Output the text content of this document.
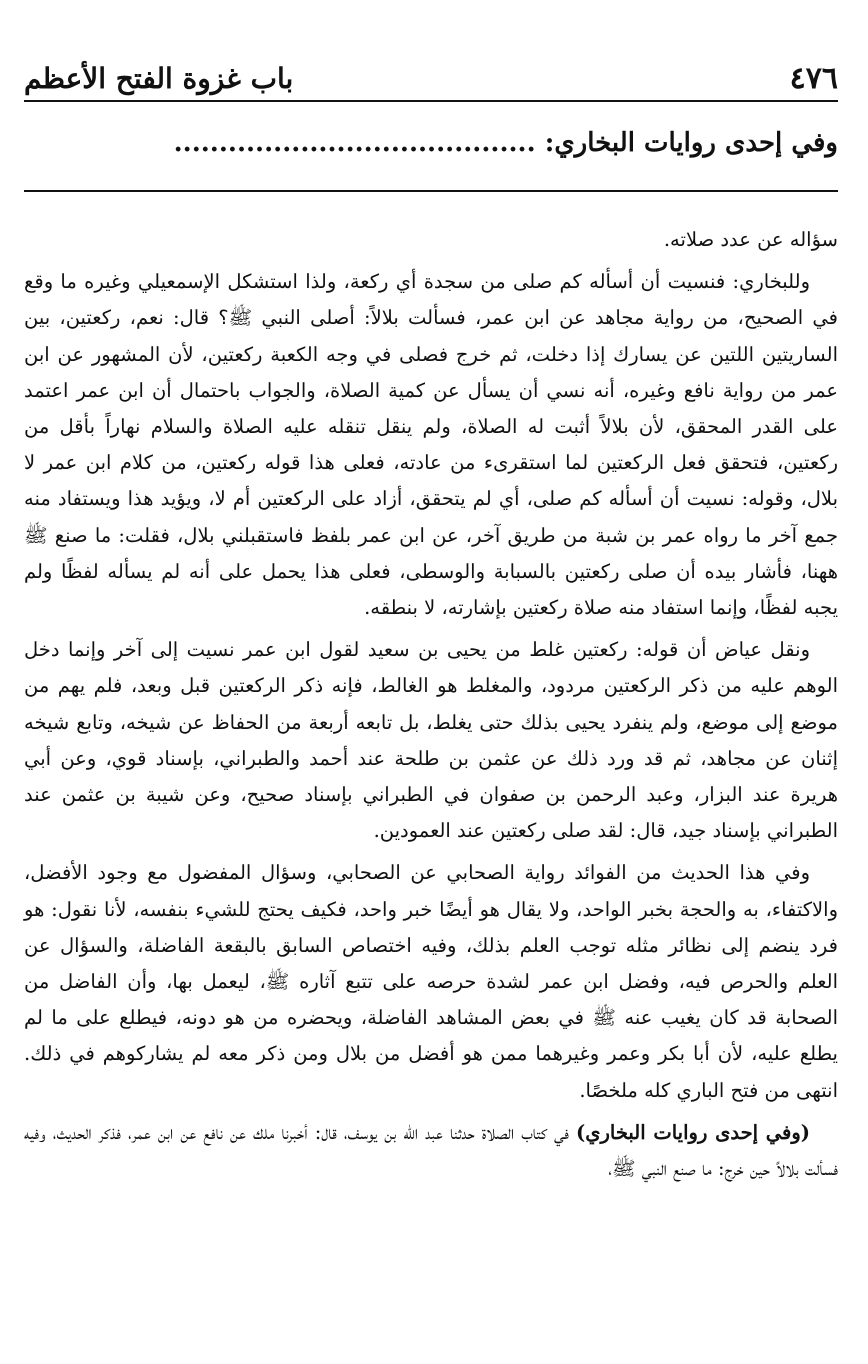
٤٧٦
باب غزوة الفتح الأعظم
وفي إحدى روايات البخاري: ........................................

سؤاله عن عدد صلاته.

وللبخاري: فنسيت أن أسأله كم صلى من سجدة أي ركعة، ولذا استشكل الإسمعيلي وغيره ما وقع في الصحيح، من رواية مجاهد عن ابن عمر، فسألت بلالاً: أصلى النبي ﷺ؟ قال: نعم، ركعتين، بين الساريتين اللتين عن يسارك إذا دخلت، ثم خرج فصلى في وجه الكعبة ركعتين، لأن المشهور عن ابن عمر من رواية نافع وغيره، أنه نسي أن يسأل عن كمية الصلاة، والجواب باحتمال أن ابن عمر اعتمد على القدر المحقق، لأن بلالاً أثبت له الصلاة، ولم ينقل تنقله عليه الصلاة والسلام نهاراً بأقل من ركعتين، فتحقق فعل الركعتين لما استقرىء من عادته، فعلى هذا قوله ركعتين، من كلام ابن عمر لا بلال، وقوله: نسيت أن أسأله كم صلى، أي لم يتحقق، أزاد على الركعتين أم لا، ويؤيد هذا ويستفاد منه جمع آخر ما رواه عمر بن شبة من طريق آخر، عن ابن عمر بلفظ فاستقبلني بلال، فقلت: ما صنع ﷺ ههنا، فأشار بيده أن صلى ركعتين بالسبابة والوسطى، فعلى هذا يحمل على أنه لم يسأله لفظًا ولم يجبه لفظًا، وإنما استفاد منه صلاة ركعتين بإشارته، لا بنطقه.

ونقل عياض أن قوله: ركعتين غلط من يحيى بن سعيد لقول ابن عمر نسيت إلى آخر وإنما دخل الوهم عليه من ذكر الركعتين مردود، والمغلط هو الغالط، فإنه ذكر الركعتين قبل وبعد، فلم يهم من موضع إلى موضع، ولم ينفرد يحيى بذلك حتى يغلط، بل تابعه أربعة من الحفاظ عن شيخه، وتابع شيخه إثنان عن مجاهد، ثم قد ورد ذلك عن عثمن بن طلحة عند أحمد والطبراني، بإسناد قوي، وعن أبي هريرة عند البزار، وعبد الرحمن بن صفوان في الطبراني بإسناد صحيح، وعن شيبة بن عثمن عند الطبراني بإسناد جيد، قال: لقد صلى ركعتين عند العمودين.

وفي هذا الحديث من الفوائد رواية الصحابي عن الصحابي، وسؤال المفضول مع وجود الأفضل، والاكتفاء، به والحجة بخبر الواحد، ولا يقال هو أيضًا خبر واحد، فكيف يحتج للشيء بنفسه، لأنا نقول: هو فرد ينضم إلى نظائر مثله توجب العلم بذلك، وفيه اختصاص السابق بالبقعة الفاضلة، والسؤال عن العلم والحرص فيه، وفضل ابن عمر لشدة حرصه على تتبع آثاره ﷺ، ليعمل بها، وأن الفاضل من الصحابة قد كان يغيب عنه ﷺ في بعض المشاهد الفاضلة، ويحضره من هو دونه، فيطلع على ما لم يطلع عليه، لأن أبا بكر وعمر وغيرهما ممن هو أفضل من بلال ومن ذكر معه لم يشاركوهم في ذلك. انتهى من فتح الباري كله ملخصًا.

(وفي إحدى روايات البخاري) في كتاب الصلاة حدثنا عبد الله بن يوسف، قال: أخبرنا ملك عن نافع عن ابن عمر، فذكر الحديث، وفيه فسألت بلالاً حين خرج: ما صنع النبي ﷺ،
